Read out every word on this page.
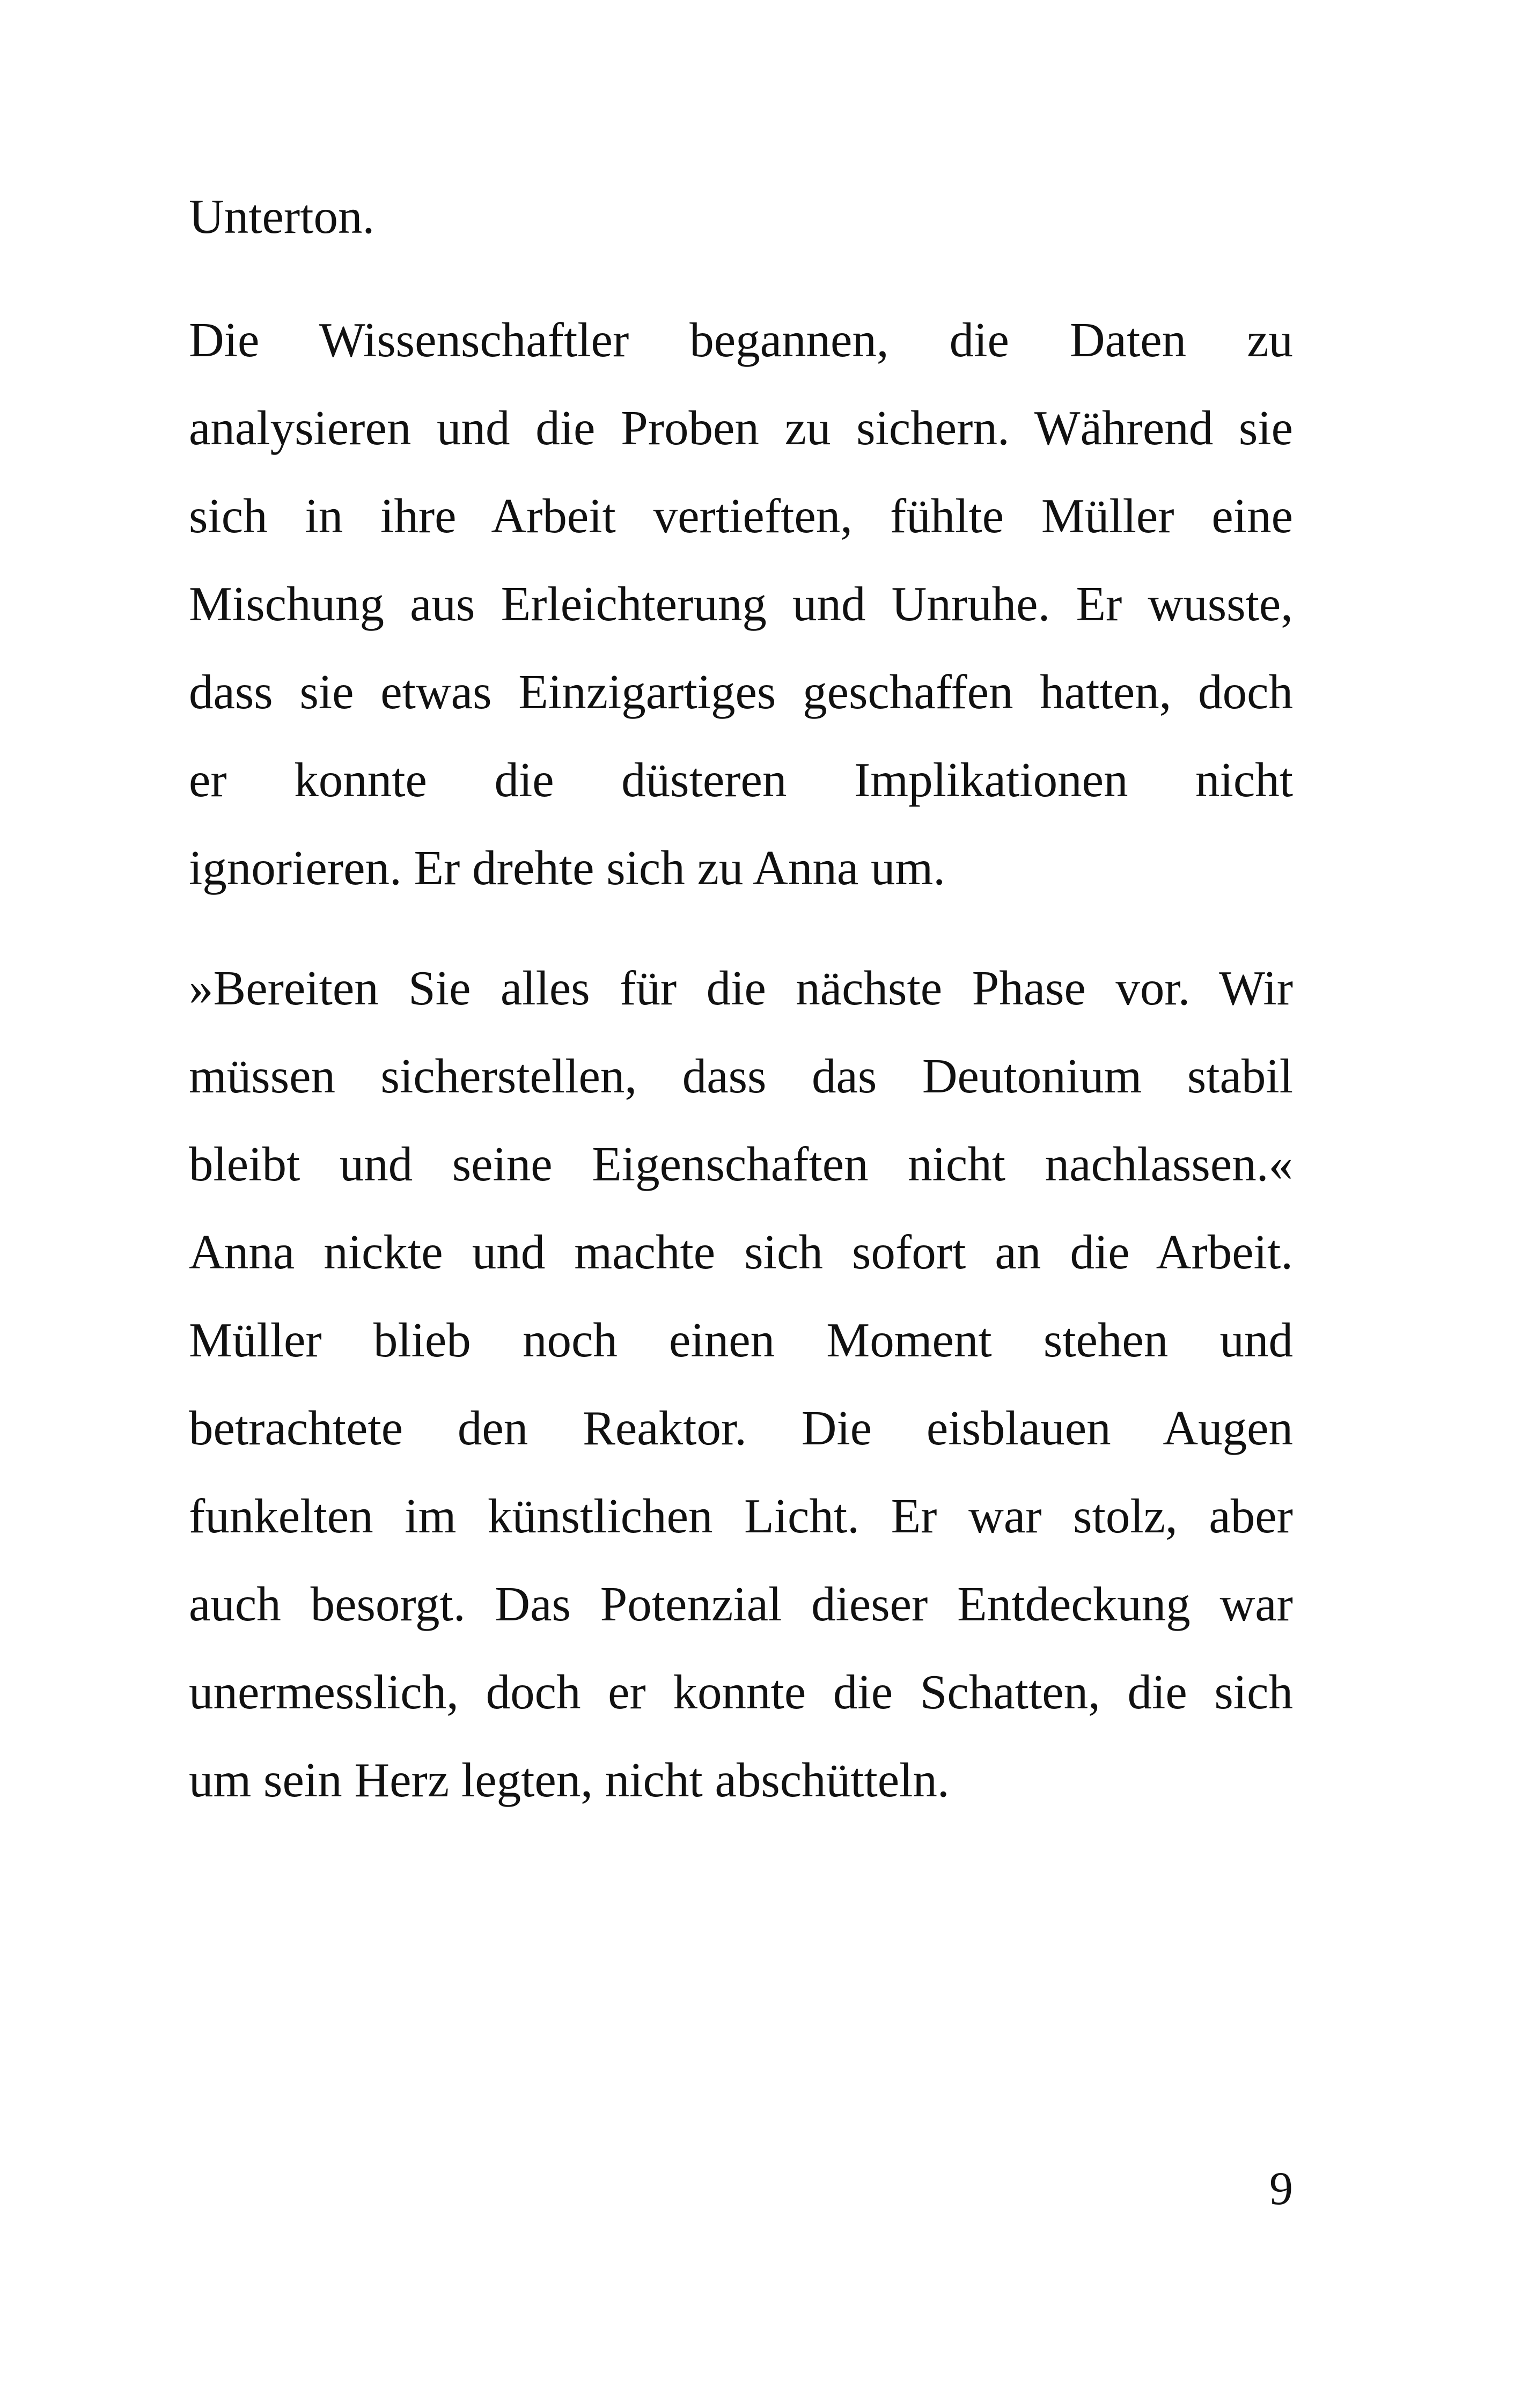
Unterton.

Die Wissenschaftler begannen, die Daten zu
analysieren und die Proben zu sichern. Während sie
sich in ihre Arbeit vertieften, fühlte Müller eine
Mischung aus Erleichterung und Unruhe. Er wusste,
dass sie etwas Einzigartiges geschaffen hatten, doch
er konnte die düsteren Implikationen nicht
ignorieren. Er drehte sich zu Anna um.

»Bereiten Sie alles für die nächste Phase vor. Wir
müssen sicherstellen, dass das Deutonium stabil
bleibt und seine Eigenschaften nicht nachlassen.«
Anna nickte und machte sich sofort an die Arbeit.
Müller blieb noch einen Moment stehen und
betrachtete den Reaktor. Die eisblauen Augen
funkelten im künstlichen Licht. Er war stolz, aber
auch besorgt. Das Potenzial dieser Entdeckung war
unermesslich, doch er konnte die Schatten, die sich
um sein Herz legten, nicht abschütteln.

9
